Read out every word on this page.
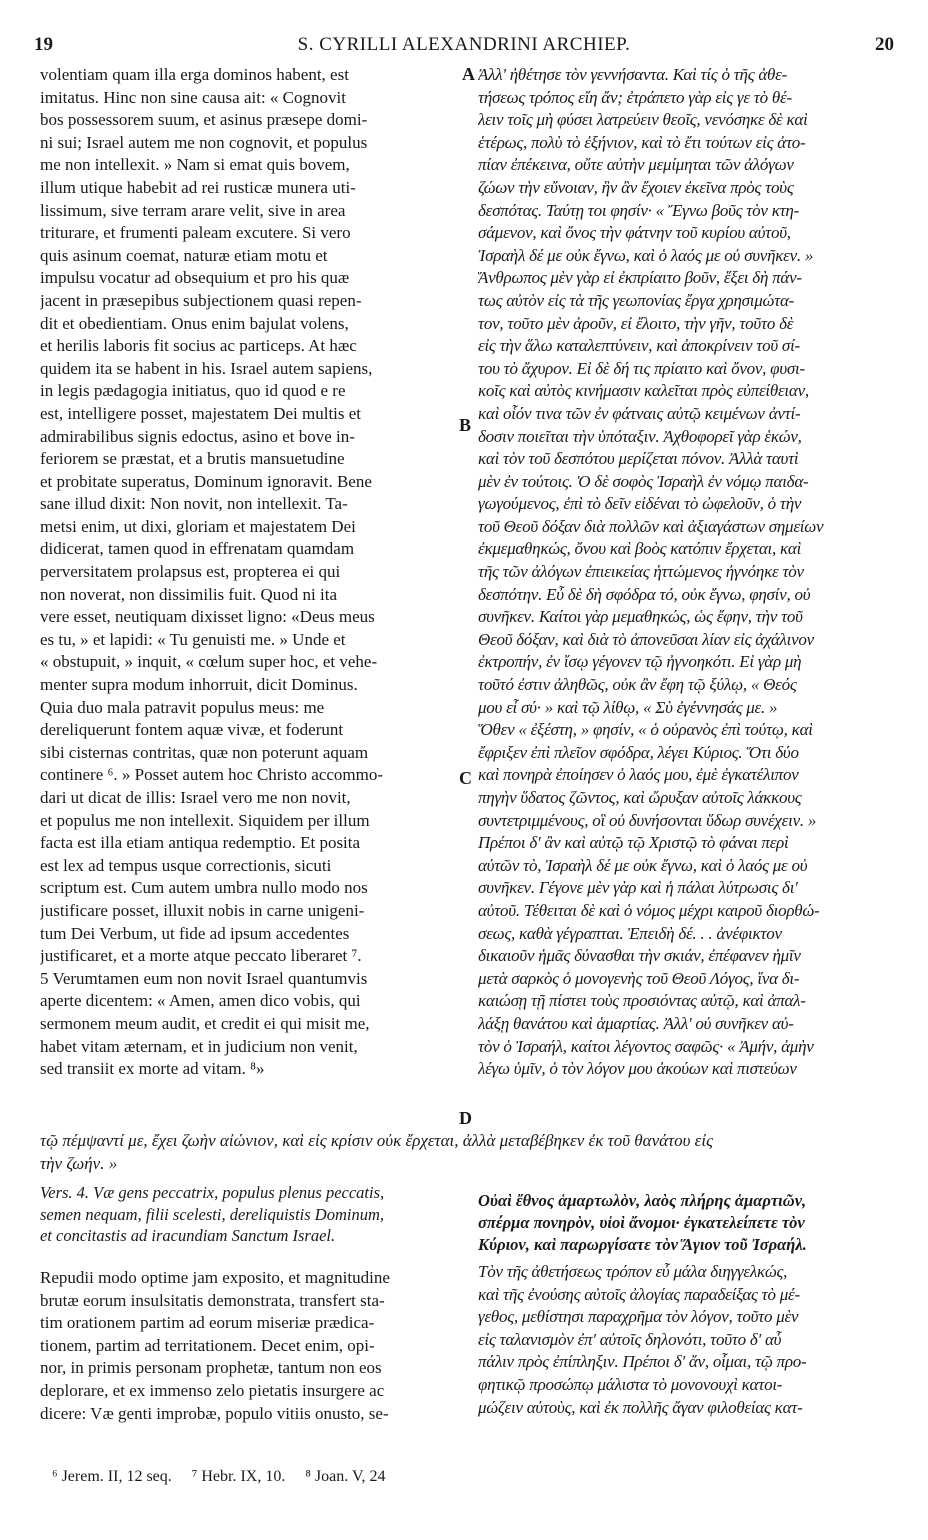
19	S. CYRILLI ALEXANDRINI ARCHIEP.	20
volentiam quam illa erga dominos habent, est
imitatus. Hinc non sine causa ait: « Cognovit
bos possessorem suum, et asinus præsepe domi-
ni sui; Israel autem me non cognovit, et populus
me non intellexit. » Nam si emat quis bovem,
illum utique habebit ad rei rusticæ munera uti-
lissimum, sive terram arare velit, sive in area
triturare, et frumenti paleam excutere. Si vero
quis asinum coemat, naturæ etiam motu et
impulsu vocatur ad obsequium et pro his quæ
jacent in præsepibus subjectionem quasi repen-
dit et obedientiam. Onus enim bajulat volens,
et herilis laboris fit socius ac particeps. At hæc
quidem ita se habent in his. Israel autem sapiens,
in legis pædagogia initiatus, quo id quod e re
est, intelligere posset, majestatem Dei multis et
admirabilibus signis edoctus, asino et bove in-
feriorem se præstat, et a brutis mansuetudine
et probitate superatus, Dominum ignoravit. Bene
sane illud dixit: Non novit, non intellexit. Ta-
metsi enim, ut dixi, gloriam et majestatem Dei
didicerat, tamen quod in effrenatam quamdam
perversitatem prolapsus est, propterea ei qui
non noverat, non dissimilis fuit. Quod ni ita
vere esset, neutiquam dixisset ligno: «Deus meus
es tu, » et lapidi: « Tu genuisti me. » Unde et
« obstupuit, » inquit, « cœlum super hoc, et vehe-
menter supra modum inhorruit, dicit Dominus.
Quia duo mala patravit populus meus: me
dereliquerunt fontem aquæ vivæ, et foderunt
sibi cisternas contritas, quæ non poterunt aquam
continere ⁶. » Posset autem hoc Christo accommo-
dari ut dicat de illis: Israel vero me non novit,
et populus me non intellexit. Siquidem per illum
facta est illa etiam antiqua redemptio. Et posita
est lex ad tempus usque correctionis, sicuti
scriptum est. Cum autem umbra nullo modo nos
justificare posset, illuxit nobis in carne unigeni-
tum Dei Verbum, ut fide ad ipsum accedentes
justificaret, et a morte atque peccato liberaret ⁷.
5 Verumtamen eum non novit Israel quantumvis
aperte dicentem: « Amen, amen dico vobis, qui
sermonem meum audit, et credit ei qui misit me,
habet vitam æternam, et in judicium non venit,
sed transiit ex morte ad vitam. ⁸»
Ἀλλ' ἠθέτησε τὸν γεννήσαντα. Καὶ τίς ὁ τῆς ἀθε-
τήσεως τρόπος εἴη ἄν; ἐτράπετο γὰρ εἰς γε τὸ θέ-
λειν τοῖς μὴ φύσει λατρεύειν θεοῖς, νενόσηκε δὲ καὶ
ἑτέρως, πολὺ τὸ ἐξήνιον, καὶ τὸ ἔτι τούτων εἰς ἀτο-
πίαν ἐπέκεινα, οὔτε αὐτὴν μεμίμηται τῶν ἀλόγων
ζώων τὴν εὔνοιαν, ἣν ἂν ἔχοιεν ἐκεῖνα πρὸς τοὺς
δεσπότας. Ταύτῃ τοι φησίν· « Ἔγνω βοῦς τὸν κτη-
σάμενον, καὶ ὄνος τὴν φάτνην τοῦ κυρίου αὐτοῦ,
Ἰσραὴλ δέ με οὐκ ἔγνω, καὶ ὁ λαός με οὐ συνῆκεν. »
Ἄνθρωπος μὲν γὰρ εἰ ἐκπρίαιτο βοῦν, ἕξει δὴ πάν-
τως αὐτὸν εἰς τὰ τῆς γεωπονίας ἔργα χρησιμώτα-
τον, τοῦτο μὲν ἀροῦν, εἰ ἔλοιτο, τὴν γῆν, τοῦτο δὲ
εἰς τὴν ἅλω καταλεπτύνειν, καὶ ἀποκρίνειν τοῦ σί-
του τὸ ἄχυρον. Εἰ δὲ δή τις πρίαιτο καὶ ὄνον, φυσι-
κοῖς καὶ αὐτὸς κινήμασιν καλεῖται πρὸς εὐπείθειαν,
καὶ οἷόν τινα τῶν ἐν φάτναις αὐτῷ κειμένων ἀντί-
δοσιν ποιεῖται τὴν ὑπόταξιν. Ἀχθοφορεῖ γὰρ ἑκών,
καὶ τὸν τοῦ δεσπότου μερίζεται πόνον. Ἀλλὰ ταυτὶ
μὲν ἐν τούτοις. Ὁ δὲ σοφὸς Ἰσραὴλ ἐν νόμῳ παιδα-
γωγούμενος, ἐπὶ τὸ δεῖν εἰδέναι τὸ ὠφελοῦν, ὁ τὴν
τοῦ Θεοῦ δόξαν διὰ πολλῶν καὶ ἀξιαγάστων σημείων
ἐκμεμαθηκώς, ὄνου καὶ βοὸς κατόπιν ἔρχεται, καὶ
τῆς τῶν ἀλόγων ἐπιεικείας ἡττώμενος ἠγνόηκε τὸν
δεσπότην. Εὖ δὲ δὴ σφόδρα τό, οὐκ ἔγνω, φησίν, οὐ
συνῆκεν. Καίτοι γὰρ μεμαθηκώς, ὡς ἔφην, τὴν τοῦ
Θεοῦ δόξαν, καὶ διὰ τὸ ἀπονεῦσαι λίαν εἰς ἀχάλινον
ἐκτροπήν, ἐν ἴσῳ γέγονεν τῷ ἠγνοηκότι. Εἰ γὰρ μὴ
τοῦτό ἐστιν ἀληθῶς, οὐκ ἂν ἔφη τῷ ξύλῳ, « Θεός
μου εἶ σύ· » καὶ τῷ λίθῳ, « Σὺ ἐγέννησάς με. »
Ὅθεν « ἐξέστη, » φησίν, « ὁ οὐρανὸς ἐπὶ τούτῳ, καὶ
ἔφριξεν ἐπὶ πλεῖον σφόδρα, λέγει Κύριος. Ὅτι δύο
καὶ πονηρὰ ἐποίησεν ὁ λαός μου, ἐμὲ ἐγκατέλιπον
πηγὴν ὕδατος ζῶντος, καὶ ὤρυξαν αὐτοῖς λάκκους
συντετριμμένους, οἳ οὐ δυνήσονται ὕδωρ συνέχειν. »
Πρέποι δ' ἂν καὶ αὐτῷ τῷ Χριστῷ τὸ φάναι περὶ
αὐτῶν τὸ, Ἰσραὴλ δέ με οὐκ ἔγνω, καὶ ὁ λαός με οὐ
συνῆκεν. Γέγονε μὲν γὰρ καὶ ἡ πάλαι λύτρωσις δι'
αὐτοῦ. Τέθειται δὲ καὶ ὁ νόμος μέχρι καιροῦ διορθώ-
σεως, καθὰ γέγραπται. Ἐπειδὴ δέ. . . ἀνέφικτον
δικαιοῦν ἡμᾶς δύνασθαι τὴν σκιάν, ἐπέφανεν ἡμῖν
μετὰ σαρκὸς ὁ μονογενὴς τοῦ Θεοῦ Λόγος, ἵνα δι-
καιώσῃ τῇ πίστει τοὺς προσιόντας αὐτῷ, καὶ ἀπαλ-
λάξῃ θανάτου καὶ ἁμαρτίας. Ἀλλ' οὐ συνῆκεν αὐ-
τὸν ὁ Ἰσραήλ, καίτοι λέγοντος σαφῶς· « Ἀμήν, ἀμὴν
λέγω ὑμῖν, ὁ τὸν λόγον μου ἀκούων καὶ πιστεύων
A
B
C
D
τῷ πέμψαντί με, ἔχει ζωὴν αἰώνιον, καὶ εἰς κρίσιν οὐκ ἔρχεται, ἀλλὰ μεταβέβηκεν ἐκ τοῦ θανάτου εἰς
τὴν ζωήν. »
Vers. 4. Væ gens peccatrix, populus plenus peccatis,
semen nequam, filii scelesti, dereliquistis Dominum,
et concitastis ad iracundiam Sanctum Israel.
Οὐαὶ ἔθνος ἁμαρτωλὸν, λαὸς πλήρης ἁμαρτιῶν,
σπέρμα πονηρὸν, υἱοὶ ἄνομοι· ἐγκατελείπετε τὸν
Κύριον, καὶ παρωργίσατε τὸν Ἅγιον τοῦ Ἰσραήλ.
Repudii modo optime jam exposito, et magnitudine
brutæ eorum insulsitatis demonstrata, transfert sta-
tim orationem partim ad eorum miseriæ prædica-
tionem, partim ad territationem. Decet enim, opi-
nor, in primis personam prophetæ, tantum non eos
deplorare, et ex immenso zelo pietatis insurgere ac
dicere: Væ genti improbæ, populo vitiis onusto, se-
Τὸν τῆς ἀθετήσεως τρόπον εὖ μάλα διηγγελκώς,
καὶ τῆς ἐνούσης αὐτοῖς ἀλογίας παραδείξας τὸ μέ-
γεθος, μεθίστησι παραχρῆμα τὸν λόγον, τοῦτο μὲν
εἰς ταλανισμὸν ἐπ' αὐτοῖς δηλονότι, τοῦτο δ' αὖ
πάλιν πρὸς ἐπίπληξιν. Πρέποι δ' ἄν, οἶμαι, τῷ προ-
φητικῷ προσώπῳ μάλιστα τὸ μονονουχὶ κατοι-
μώζειν αὐτοὺς, καὶ ἐκ πολλῆς ἄγαν φιλοθείας κατ-
⁶ Jerem. II, 12 seq. ⁷ Hebr. IX, 10. ⁸ Joan. V, 24
